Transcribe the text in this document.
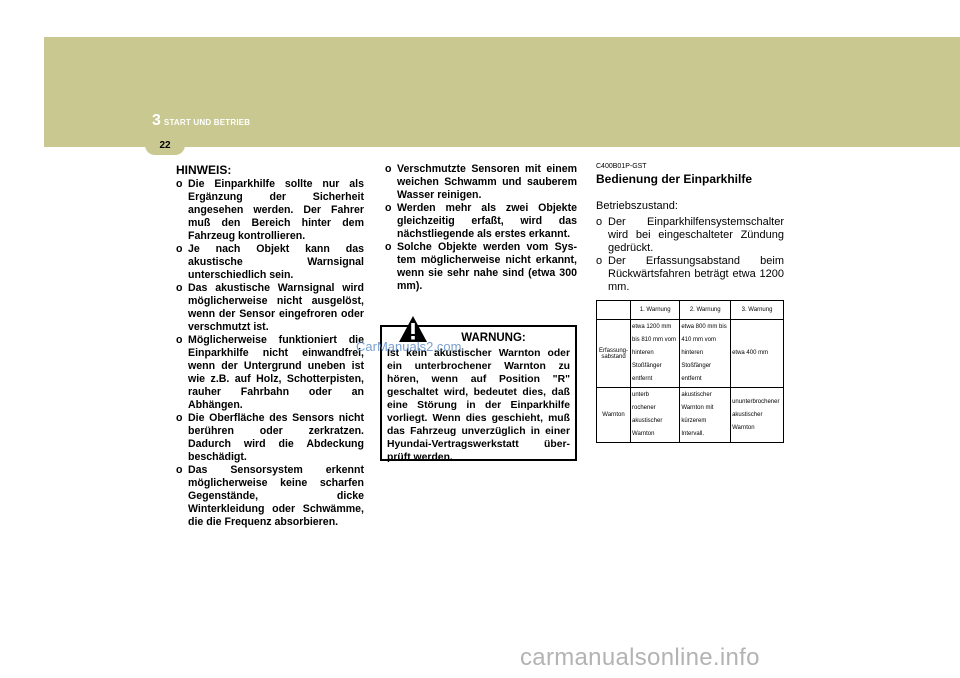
3 START UND BETRIEB
22
HINWEIS:
o Die Einparkhilfe sollte nur als Ergänzung der Sicherheit angesehen werden. Der Fahrer muß den Bereich hinter dem Fahrzeug kontrollieren.
o Je nach Objekt kann das akustische Warnsignal unterschiedlich sein.
o Das akustische Warnsignal wird möglicherweise nicht ausgelöst, wenn der Sensor eingefroren oder verschmutzt ist.
o Möglicherweise funktioniert die Einparkhilfe nicht einwandfrei, wenn der Untergrund uneben ist wie z.B. auf Holz, Schotterpisten, rauher Fahrbahn oder an Abhängen.
o Die Oberfläche des Sensors nicht berühren oder zerkratzen. Dadurch wird die Abdeckung beschädigt.
o Das Sensorsystem erkennt möglicherweise keine scharfen Gegenstände, dicke Winterkleidung oder Schwämme, die die Frequenz absorbieren.
o Verschmutzte Sensoren mit einem weichen Schwamm und sauberem Wasser reinigen.
o Werden mehr als zwei Objekte gleichzeitig erfaßt, wird das nächstliegende als erstes erkannt.
o Solche Objekte werden vom Sys- tem möglicherweise nicht erkannt, wenn sie sehr nahe sind (etwa 300 mm).
WARNUNG:
Ist kein akustischer Warnton oder ein unterbrochener Warnton zu hören, wenn auf Position "R" geschaltet wird, bedeutet dies, daß eine Störung in der Einparkhilfe vorliegt. Wenn dies geschieht, muß das Fahrzeug unverzüglich in einer Hyundai-Vertragswerkstatt über- prüft werden.
CarManuals2.com
C400B01P-GST
Bedienung der Einparkhilfe
Betriebszustand:
o Der Einparkhilfensystemschalter wird bei eingeschalteter Zündung gedrückt.
o Der Erfassungsabstand beim Rückwärtsfahren beträgt etwa 1200 mm.
	1. Warnung	2. Warnung	3. Warnung
Erfassung-
sabstand	etwa 1200 mm
bis 810 mm vom
hinteren
Stoßfänger
entfernt	etwa 800 mm bis
410 mm vom
hinteren
Stoßfänger
entfernt	etwa 400 mm
Warnton	unterb
rochener
akustischer
Warnton	akustischer
Warnton mit
kürzerem
Intervall.	ununterbrochener
akustischer
Warnton
carmanualsonline.info
